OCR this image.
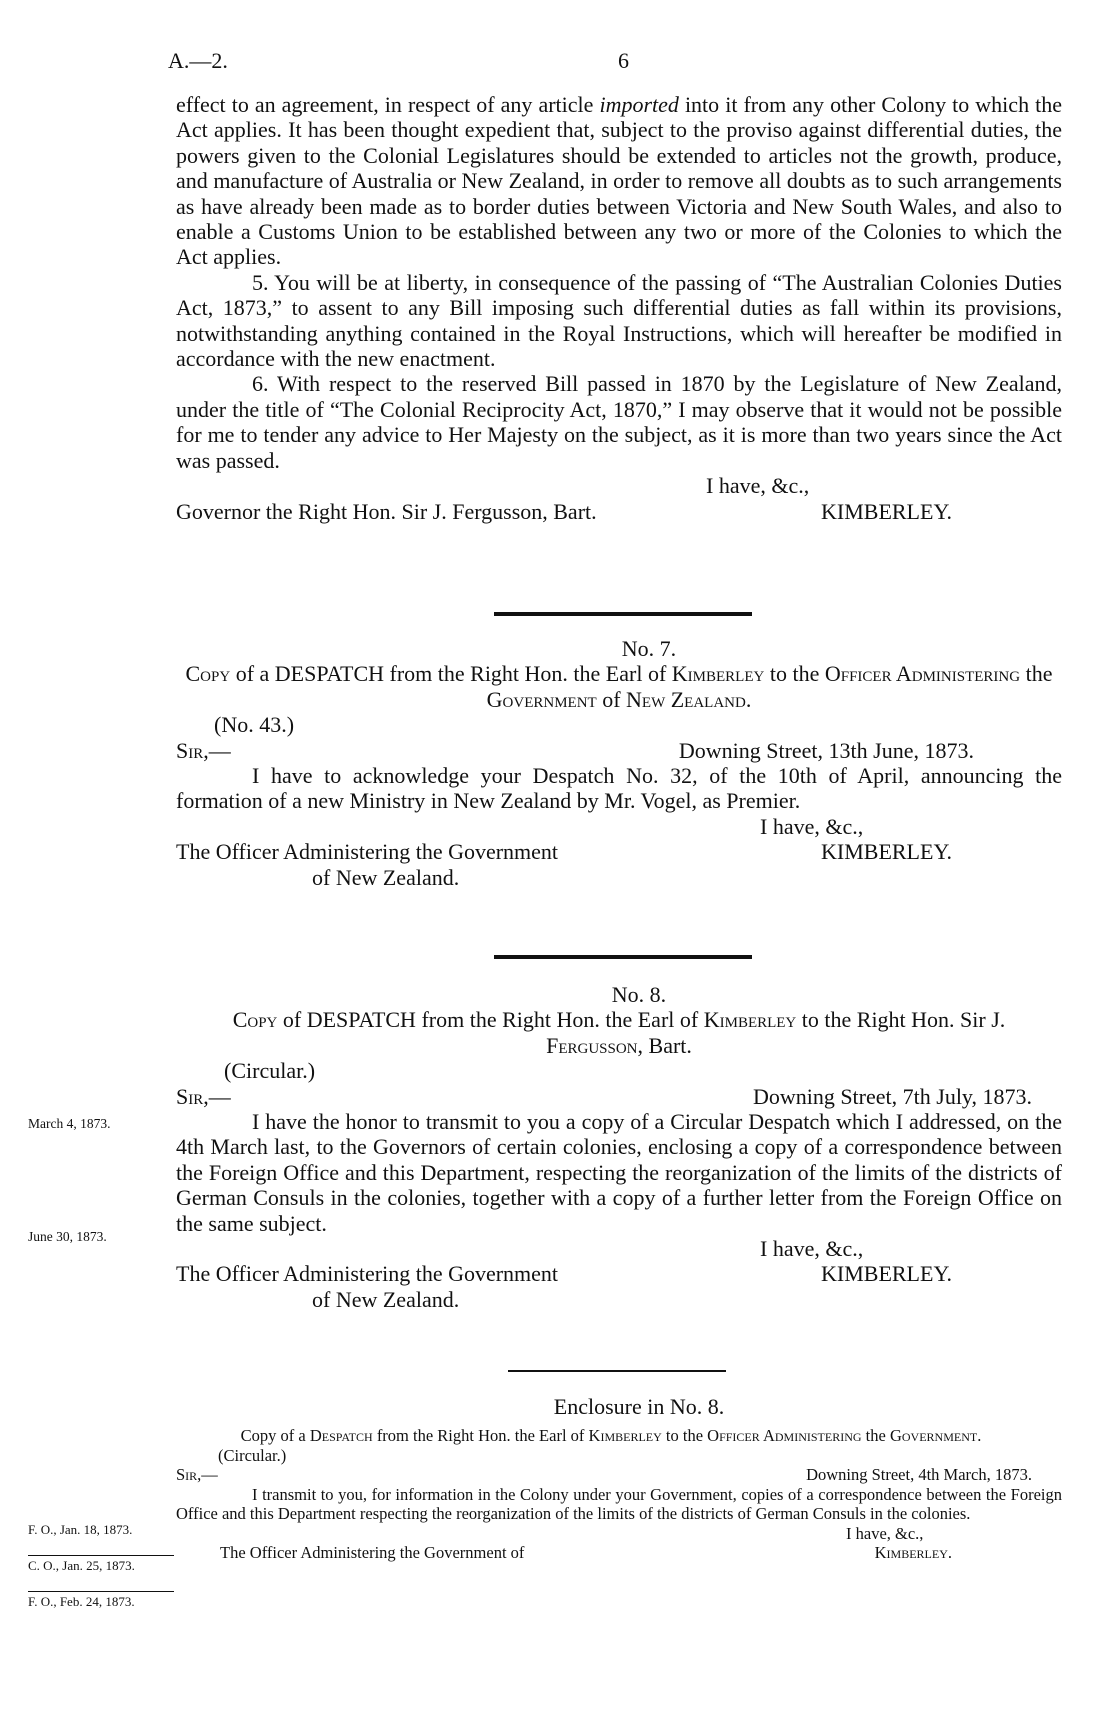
A.—2.	6

effect to an agreement, in respect of any article imported into it from any other Colony to which the Act applies. It has been thought expedient that, subject to the proviso against differential duties, the powers given to the Colonial Legislatures should be extended to articles not the growth, produce, and manufacture of Australia or New Zealand, in order to remove all doubts as to such arrangements as have already been made as to border duties between Victoria and New South Wales, and also to enable a Customs Union to be established between any two or more of the Colonies to which the Act applies.

5. You will be at liberty, in consequence of the passing of “The Australian Colonies Duties Act, 1873,” to assent to any Bill imposing such differential duties as fall within its provisions, notwithstanding anything contained in the Royal Instructions, which will hereafter be modified in accordance with the new enactment.

6. With respect to the reserved Bill passed in 1870 by the Legislature of New Zealand, under the title of “The Colonial Reciprocity Act, 1870,” I may observe that it would not be possible for me to tender any advice to Her Majesty on the subject, as it is more than two years since the Act was passed.

I have, &c.,

Governor the Right Hon. Sir J. Fergusson, Bart.	KIMBERLEY.

No. 7.

Copy of a DESPATCH from the Right Hon. the Earl of Kimberley to the Officer Administering the Government of New Zealand.

(No. 43.)

Sir,—	Downing Street, 13th June, 1873.

I have to acknowledge your Despatch No. 32, of the 10th of April, announcing the formation of a new Ministry in New Zealand by Mr. Vogel, as Premier.

I have, &c.,

The Officer Administering the Government	KIMBERLEY.

of New Zealand.

No. 8.

Copy of DESPATCH from the Right Hon. the Earl of Kimberley to the Right Hon. Sir J. Fergusson, Bart.

(Circular.)

Sir,—	Downing Street, 7th July, 1873.

I have the honor to transmit to you a copy of a Circular Despatch which I addressed, on the 4th March last, to the Governors of certain colonies, enclosing a copy of a correspondence between the Foreign Office and this Department, respecting the reorganization of the limits of the districts of German Consuls in the colonies, together with a copy of a further letter from the Foreign Office on the same subject.

I have, &c.,

The Officer Administering the Government	KIMBERLEY.

of New Zealand.

March 4, 1873.
June 30, 1873.

Enclosure in No. 8.

Copy of a Despatch from the Right Hon. the Earl of Kimberley to the Officer Administering the Government.

(Circular.)

Sir,—	Downing Street, 4th March, 1873.

I transmit to you, for information in the Colony under your Government, copies of a correspondence between the Foreign Office and this Department respecting the reorganization of the limits of the districts of German Consuls in the colonies.

I have, &c.,

The Officer Administering the Government of	Kimberley.
F. O., Jan. 18, 1873.
C. O., Jan. 25, 1873.
F. O., Feb. 24, 1873.
